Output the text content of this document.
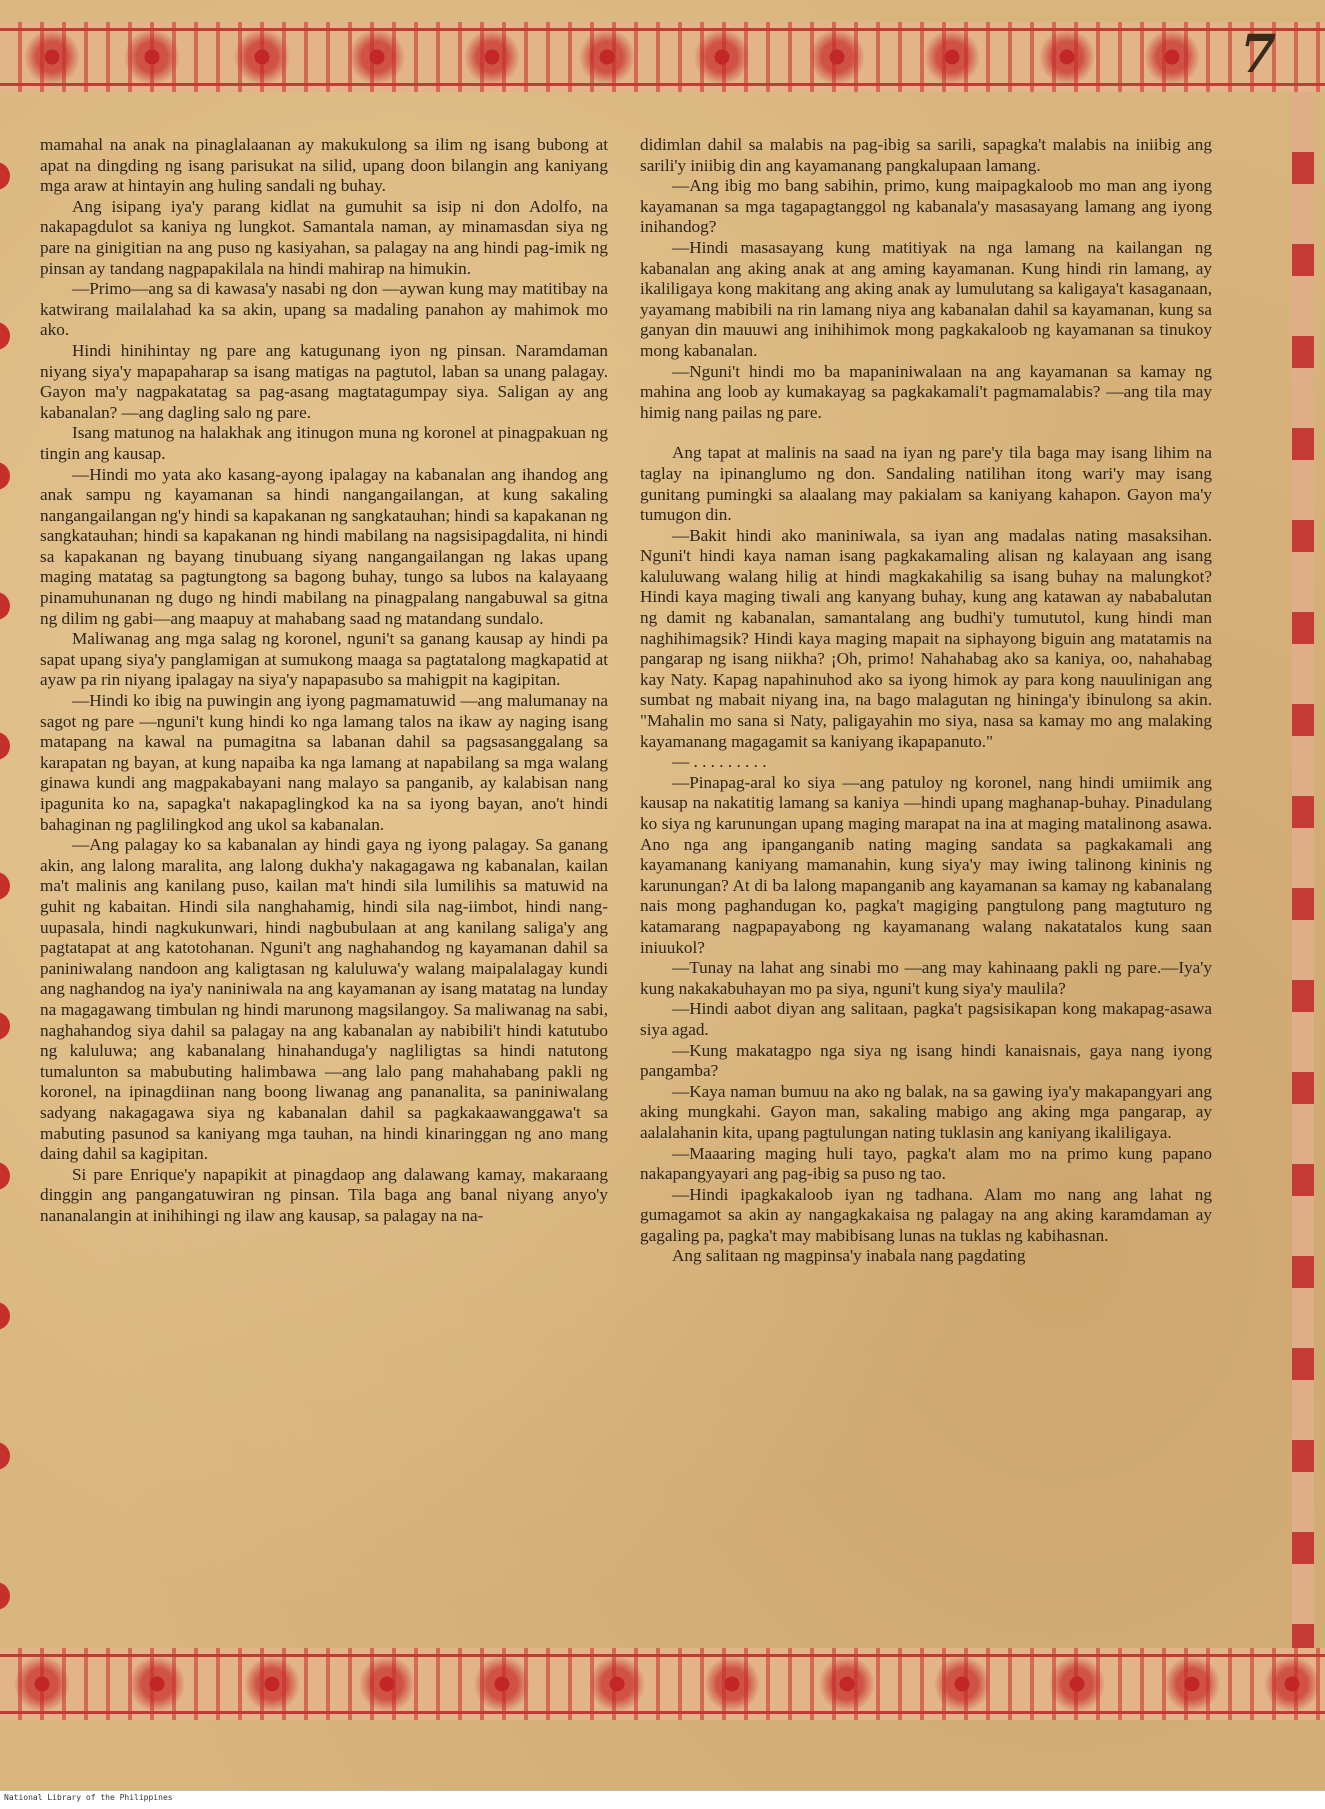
7

mamahal na anak na pinaglalaanan ay makukulong sa ilim ng isang bubong at apat na dingding ng isang parisukat na silid, upang doon bilangin ang kaniyang mga araw at hintayin ang huling sandali ng buhay.

Ang isipang iya'y parang kidlat na gumuhit sa isip ni don Adolfo, na nakapagdulot sa kaniya ng lungkot. Samantala naman, ay minamasdan siya ng pare na ginigitian na ang puso ng kasiyahan, sa palagay na ang hindi pag-imik ng pinsan ay tandang nagpapakilala na hindi mahirap na himukin.

—Primo—ang sa di kawasa'y nasabi ng don —aywan kung may matitibay na katwirang mailalahad ka sa akin, upang sa madaling panahon ay mahimok mo ako.

Hindi hinihintay ng pare ang katugunang iyon ng pinsan. Naramdaman niyang siya'y mapapaharap sa isang matigas na pagtutol, laban sa unang palagay. Gayon ma'y nagpakatatag sa pag-asang magtatagumpay siya. Saligan ay ang kabanalan? —ang dagling salo ng pare.

Isang matunog na halakhak ang itinugon muna ng koronel at pinagpakuan ng tingin ang kausap.

—Hindi mo yata ako kasang-ayong ipalagay na kabanalan ang ihandog ang anak sampu ng kayamanan sa hindi nangangailangan, at kung sakaling nangangailangan ng'y hindi sa kapakanan ng sangkatauhan; hindi sa kapakanan ng sangkatauhan; hindi sa kapakanan ng hindi mabilang na nagsisipagdalita, ni hindi sa kapakanan ng bayang tinubuang siyang nangangailangan ng lakas upang maging matatag sa pagtungtong sa bagong buhay, tungo sa lubos na kalayaang pinamuhunanan ng dugo ng hindi mabilang na pinagpalang nangabuwal sa gitna ng dilim ng gabi—ang maapuy at mahabang saad ng matandang sundalo.

Maliwanag ang mga salag ng koronel, nguni't sa ganang kausap ay hindi pa sapat upang siya'y panglamigan at sumukong maaga sa pagtatalong magkapatid at ayaw pa rin niyang ipalagay na siya'y napapasubo sa mahigpit na kagipitan.

—Hindi ko ibig na puwingin ang iyong pagmamatuwid —ang malumanay na sagot ng pare —nguni't kung hindi ko nga lamang talos na ikaw ay naging isang matapang na kawal na pumagitna sa labanan dahil sa pagsasanggalang sa karapatan ng bayan, at kung napaiba ka nga lamang at napabilang sa mga walang ginawa kundi ang magpakabayani nang malayo sa panganib, ay kalabisan nang ipagunita ko na, sapagka't nakapaglingkod ka na sa iyong bayan, ano't hindi bahaginan ng paglilingkod ang ukol sa kabanalan.

—Ang palagay ko sa kabanalan ay hindi gaya ng iyong palagay. Sa ganang akin, ang lalong maralita, ang lalong dukha'y nakagagawa ng kabanalan, kailan ma't malinis ang kanilang puso, kailan ma't hindi sila lumilihis sa matuwid na guhit ng kabaitan. Hindi sila nanghahamig, hindi sila nag-iimbot, hindi nang-uupasala, hindi nagkukunwari, hindi nagbubulaan at ang kanilang saliga'y ang pagtatapat at ang katotohanan. Nguni't ang naghahandog ng kayamanan dahil sa paniniwalang nandoon ang kaligtasan ng kaluluwa'y walang maipalalagay kundi ang naghandog na iya'y naniniwala na ang kayamanan ay isang matatag na lunday na magagawang timbulan ng hindi marunong magsilangoy. Sa maliwanag na sabi, naghahandog siya dahil sa palagay na ang kabanalan ay nabibili't hindi katutubo ng kaluluwa; ang kabanalang hinahanduga'y nagliligtas sa hindi natutong tumalunton sa mabubuting halimbawa —ang lalo pang mahahabang pakli ng koronel, na ipinagdiinan nang boong liwanag ang pananalita, sa paniniwalang sadyang nakagagawa siya ng kabanalan dahil sa pagkakaawanggawa't sa mabuting pasunod sa kaniyang mga tauhan, na hindi kinaringgan ng ano mang daing dahil sa kagipitan.

Si pare Enrique'y napapikit at pinagdaop ang dalawang kamay, makaraang dinggin ang pangangatuwiran ng pinsan. Tila baga ang banal niyang anyo'y nananalangin at inihihingi ng ilaw ang kausap, sa palagay na na-

didimlan dahil sa malabis na pag-ibig sa sarili, sapagka't malabis na iniibig ang sarili'y iniibig din ang kayamanang pangkalupaan lamang.

—Ang ibig mo bang sabihin, primo, kung maipagkaloob mo man ang iyong kayamanan sa mga tagapagtanggol ng kabanala'y masasayang lamang ang iyong inihandog?

—Hindi masasayang kung matitiyak na nga lamang na kailangan ng kabanalan ang aking anak at ang aming kayamanan. Kung hindi rin lamang, ay ikaliligaya kong makitang ang aking anak ay lumulutang sa kaligaya't kasaganaan, yayamang mabibili na rin lamang niya ang kabanalan dahil sa kayamanan, kung sa ganyan din mauuwi ang inihihimok mong pagkakaloob ng kayamanan sa tinukoy mong kabanalan.

—Nguni't hindi mo ba mapaniniwalaan na ang kayamanan sa kamay ng mahina ang loob ay kumakayag sa pagkakamali't pagmamalabis? —ang tila may himig nang pailas ng pare.

Ang tapat at malinis na saad na iyan ng pare'y tila baga may isang lihim na taglay na ipinanglumo ng don. Sandaling natilihan itong wari'y may isang gunitang pumingki sa alaalang may pakialam sa kaniyang kahapon. Gayon ma'y tumugon din.

—Bakit hindi ako maniniwala, sa iyan ang madalas nating masaksihan. Nguni't hindi kaya naman isang pagkakamaling alisan ng kalayaan ang isang kaluluwang walang hilig at hindi magkakahilig sa isang buhay na malungkot? Hindi kaya maging tiwali ang kanyang buhay, kung ang katawan ay nababalutan ng damit ng kabanalan, samantalang ang budhi'y tumututol, kung hindi man naghihimagsik? Hindi kaya maging mapait na siphayong biguin ang matatamis na pangarap ng isang niikha? ¡Oh, primo! Nahahabag ako sa kaniya, oo, nahahabag kay Naty. Kapag napahinuhod ako sa iyong himok ay para kong nauulinigan ang sumbat ng mabait niyang ina, na bago malagutan ng hininga'y ibinulong sa akin. "Mahalin mo sana si Naty, paligayahin mo siya, nasa sa kamay mo ang malaking kayamanang magagamit sa kaniyang ikapapanuto."

— . . . . . . . . .

—Pinapag-aral ko siya —ang patuloy ng koronel, nang hindi umiimik ang kausap na nakatitig lamang sa kaniya —hindi upang maghanap-buhay. Pinadulang ko siya ng karunungan upang maging marapat na ina at maging matalinong asawa. Ano nga ang ipanganganib nating maging sandata sa pagkakamali ang kayamanang kaniyang mamanahin, kung siya'y may iwing talinong kininis ng karunungan? At di ba lalong mapanganib ang kayamanan sa kamay ng kabanalang nais mong paghandugan ko, pagka't magiging pangtulong pang magtuturo ng katamarang nagpapayabong ng kayamanang walang nakatatalos kung saan iniuukol?

—Tunay na lahat ang sinabi mo —ang may kahinaang pakli ng pare.—Iya'y kung nakakabuhayan mo pa siya, nguni't kung siya'y maulila?

—Hindi aabot diyan ang salitaan, pagka't pagsisikapan kong makapag-asawa siya agad.

—Kung makatagpo nga siya ng isang hindi kanaisnais, gaya nang iyong pangamba?

—Kaya naman bumuu na ako ng balak, na sa gawing iya'y makapangyari ang aking mungkahi. Gayon man, sakaling mabigo ang aking mga pangarap, ay aalalahanin kita, upang pagtulungan nating tuklasin ang kaniyang ikaliligaya.

—Maaaring maging huli tayo, pagka't alam mo na primo kung papano nakapangyayari ang pag-ibig sa puso ng tao.

—Hindi ipagkakaloob iyan ng tadhana. Alam mo nang ang lahat ng gumagamot sa akin ay nangagkakaisa ng palagay na ang aking karamdaman ay gagaling pa, pagka't may mabibisang lunas na tuklas ng kabihasnan.

Ang salitaan ng magpinsa'y inabala nang pagdating

National Library of the Philippines
